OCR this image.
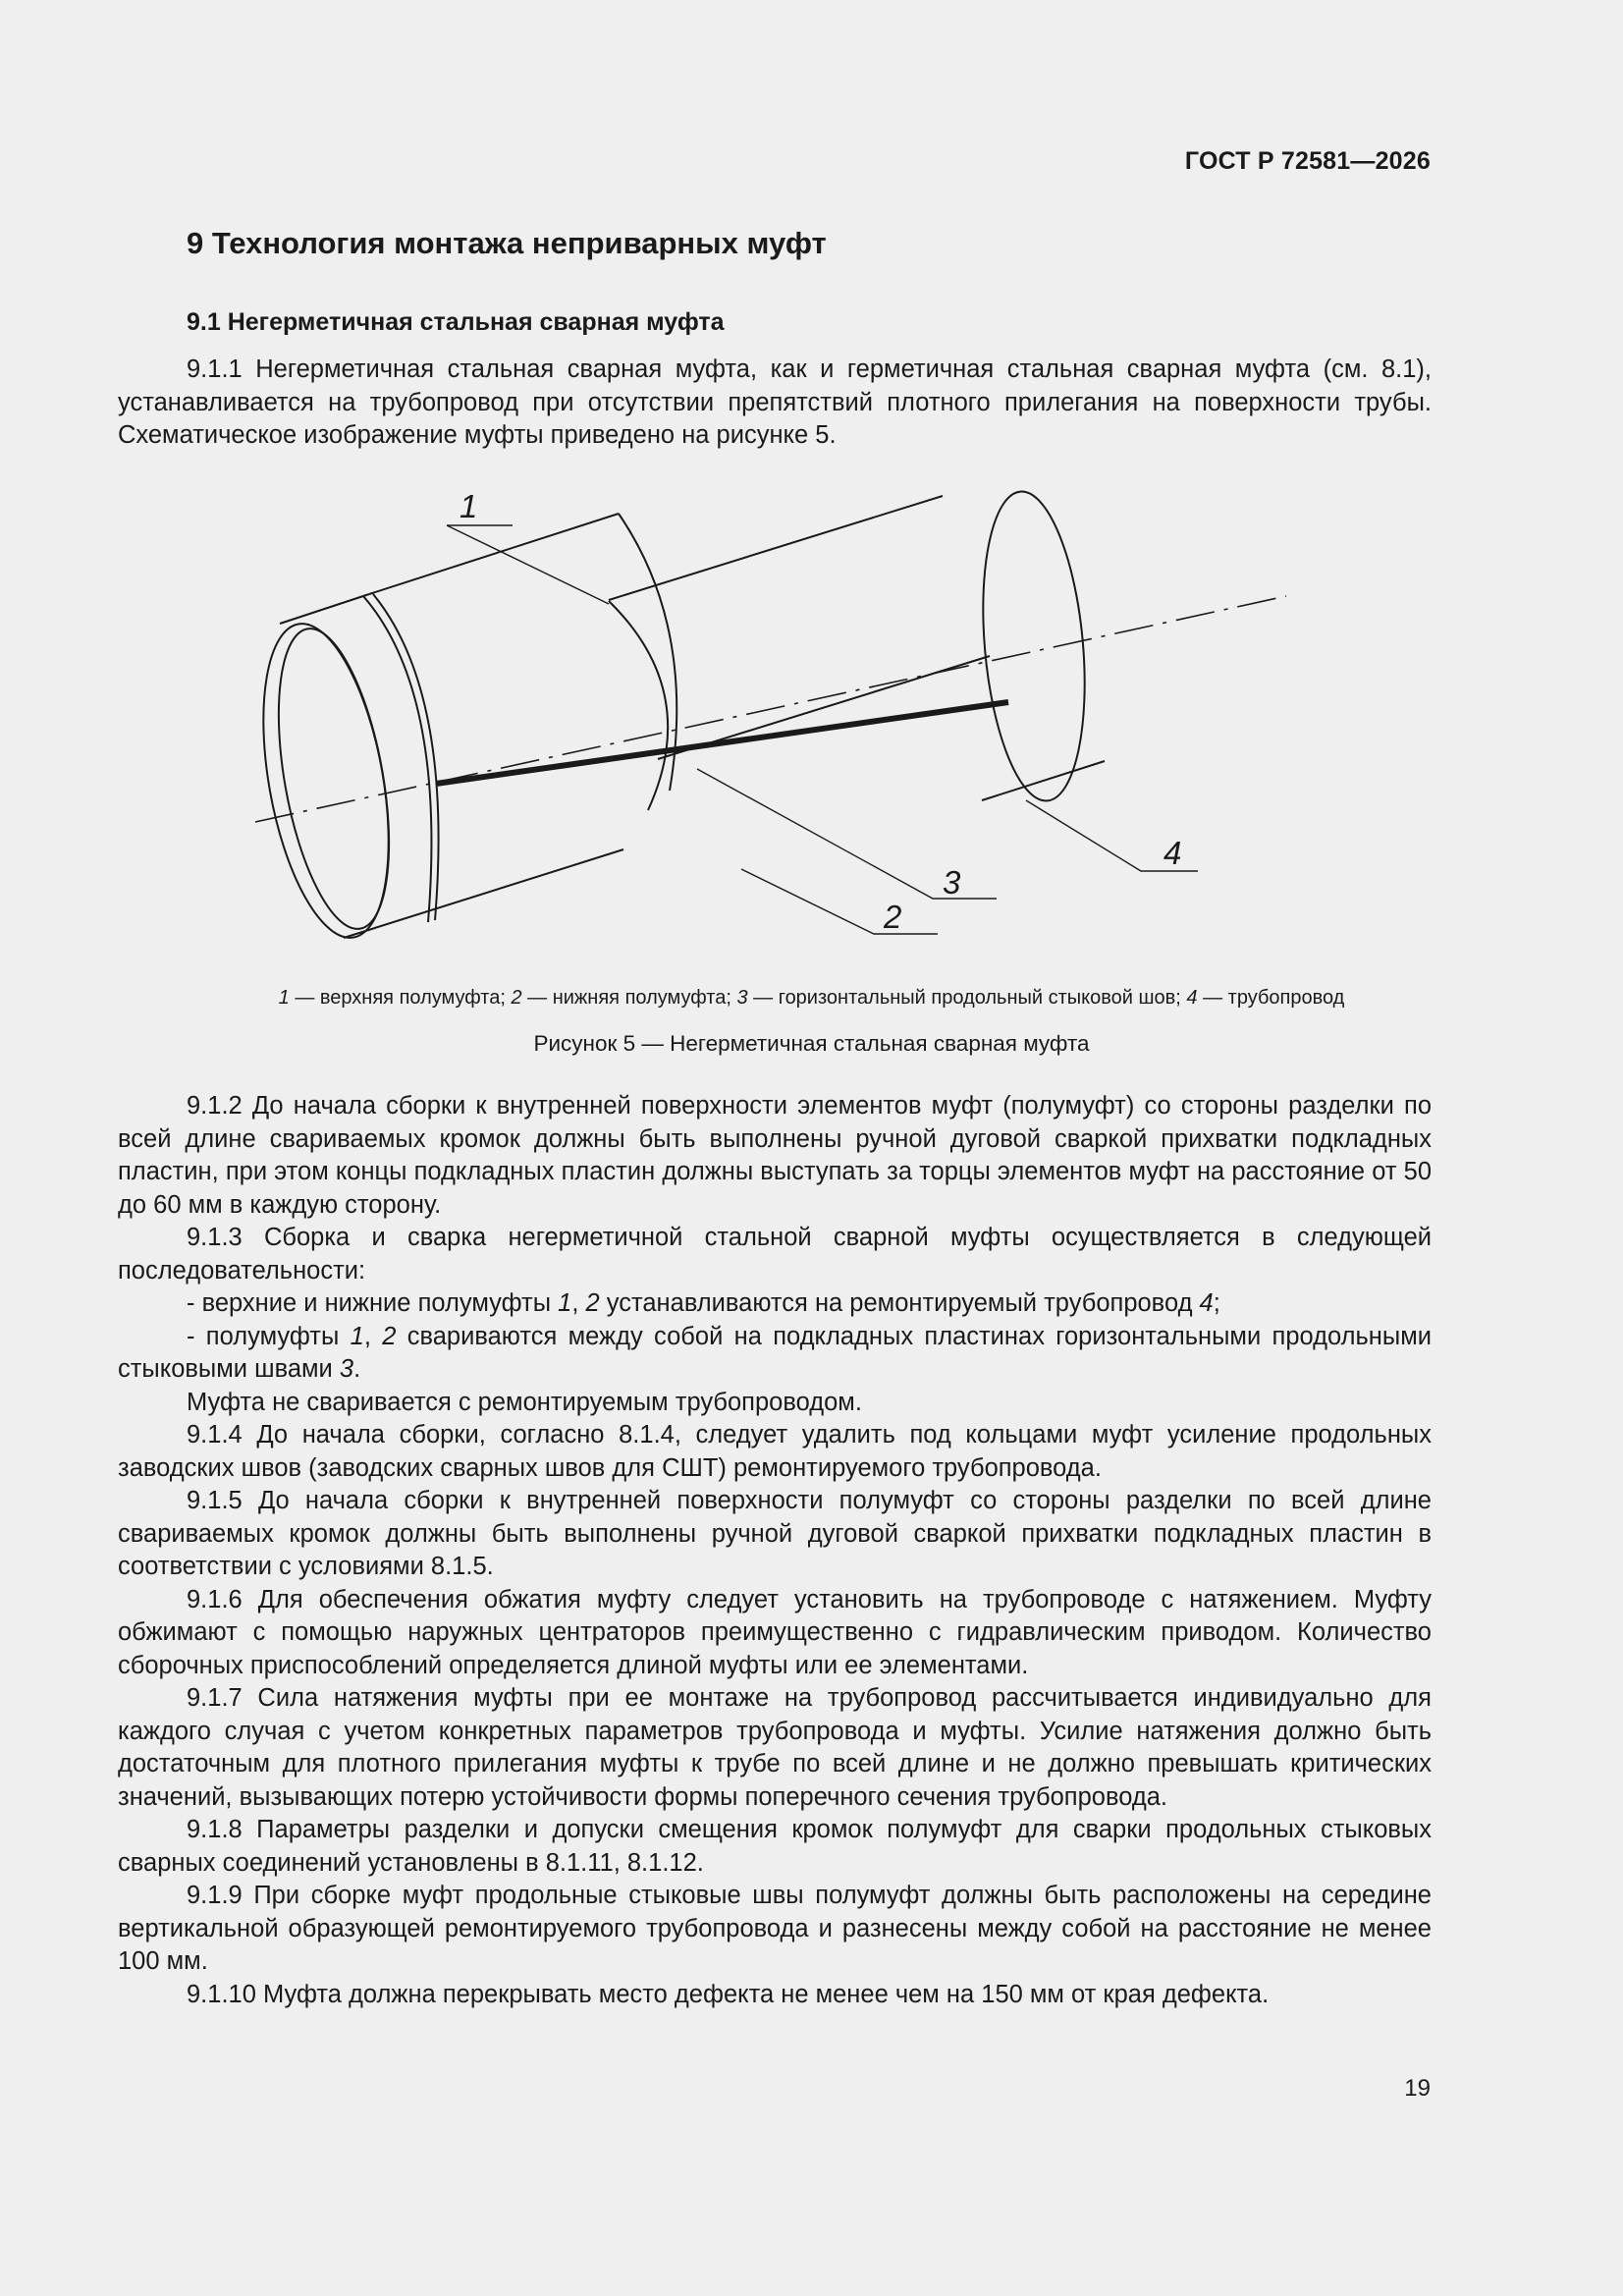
ГОСТ Р 72581—2026
9 Технология монтажа неприварных муфт
9.1 Негерметичная стальная сварная муфта

9.1.1 Негерметичная стальная сварная муфта, как и герметичная стальная сварная муфта (см. 8.1), устанавливается на трубопровод при отсутствии препятствий плотного прилегания на поверхности трубы. Схематическое изображение муфты приведено на рисунке 5.

1
2
3
4
1 — верхняя полумуфта; 2 — нижняя полумуфта; 3 — горизонтальный продольный стыковой шов; 4 — трубопровод
Рисунок 5 — Негерметичная стальная сварная муфта

9.1.2 До начала сборки к внутренней поверхности элементов муфт (полумуфт) со стороны разделки по всей длине свариваемых кромок должны быть выполнены ручной дуговой сваркой прихватки подкладных пластин, при этом концы подкладных пластин должны выступать за торцы элементов муфт на расстояние от 50 до 60 мм в каждую сторону.

9.1.3 Сборка и сварка негерметичной стальной сварной муфты осуществляется в следующей последовательности:

- верхние и нижние полумуфты 1, 2 устанавливаются на ремонтируемый трубопровод 4;

- полумуфты 1, 2 свариваются между собой на подкладных пластинах горизонтальными продольными стыковыми швами 3.

Муфта не сваривается с ремонтируемым трубопроводом.

9.1.4 До начала сборки, согласно 8.1.4, следует удалить под кольцами муфт усиление продольных заводских швов (заводских сварных швов для СШТ) ремонтируемого трубопровода.

9.1.5 До начала сборки к внутренней поверхности полумуфт со стороны разделки по всей длине свариваемых кромок должны быть выполнены ручной дуговой сваркой прихватки подкладных пластин в соответствии с условиями 8.1.5.

9.1.6 Для обеспечения обжатия муфту следует установить на трубопроводе с натяжением. Муфту обжимают с помощью наружных центраторов преимущественно с гидравлическим приводом. Количество сборочных приспособлений определяется длиной муфты или ее элементами.

9.1.7 Сила натяжения муфты при ее монтаже на трубопровод рассчитывается индивидуально для каждого случая с учетом конкретных параметров трубопровода и муфты. Усилие натяжения должно быть достаточным для плотного прилегания муфты к трубе по всей длине и не должно превышать критических значений, вызывающих потерю устойчивости формы поперечного сечения трубопровода.

9.1.8 Параметры разделки и допуски смещения кромок полумуфт для сварки продольных стыковых сварных соединений установлены в 8.1.11, 8.1.12.

9.1.9 При сборке муфт продольные стыковые швы полумуфт должны быть расположены на середине вертикальной образующей ремонтируемого трубопровода и разнесены между собой на расстояние не менее 100 мм.

9.1.10 Муфта должна перекрывать место дефекта не менее чем на 150 мм от края дефекта.

19
